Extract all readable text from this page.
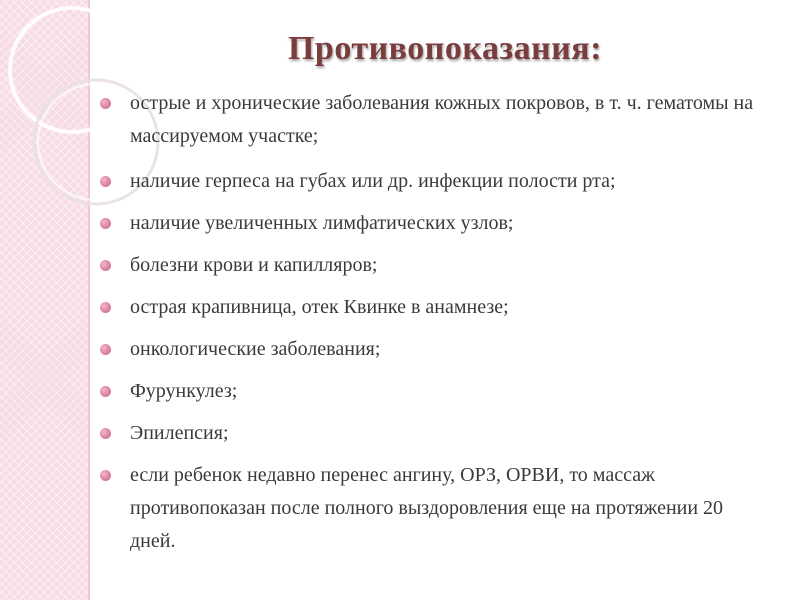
Противопоказания:
острые и хронические заболевания кожных покровов, в т. ч. гематомы на массируемом участке;
наличие герпеса на губах или др. инфекции полости рта;
наличие увеличенных лимфатических узлов;
болезни крови и капилляров;
острая крапивница, отек Квинке в анамнезе;
онкологические заболевания;
Фурункулез;
Эпилепсия;
если ребенок недавно перенес ангину, ОРЗ, ОРВИ, то массаж противопоказан после полного выздоровления еще на протяжении 20 дней.
